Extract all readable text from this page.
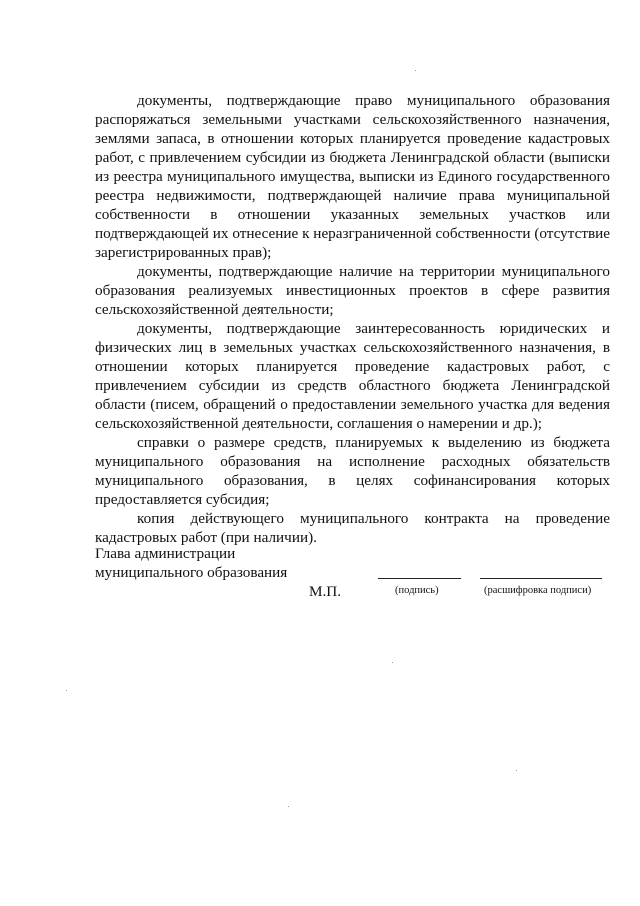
документы, подтверждающие право муниципального образования распоряжаться земельными участками сельскохозяйственного назначения, землями запаса, в отношении которых планируется проведение кадастровых работ, с привлечением субсидии из бюджета Ленинградской области (выписки из реестра муниципального имущества, выписки из Единого государственного реестра недвижимости, подтверждающей наличие права муниципальной собственности в отношении указанных земельных участков или подтверждающей их отнесение к неразграниченной собственности (отсутствие зарегистрированных прав);

документы, подтверждающие наличие на территории муниципального образования реализуемых инвестиционных проектов в сфере развития сельскохозяйственной деятельности;

документы, подтверждающие заинтересованность юридических и физических лиц в земельных участках сельскохозяйственного назначения, в отношении которых планируется проведение кадастровых работ, с привлечением субсидии из средств областного бюджета Ленинградской области (писем, обращений о предоставлении земельного участка для ведения сельскохозяйственной деятельности, соглашения о намерении и др.);

справки о размере средств, планируемых к выделению из бюджета муниципального образования на исполнение расходных обязательств муниципального образования, в целях софинансирования которых предоставляется субсидия;

копия действующего муниципального контракта на проведение кадастровых работ (при наличии).

Глава администрации
муниципального образования
М.П.	(подпись)	(расшифровка подписи)
